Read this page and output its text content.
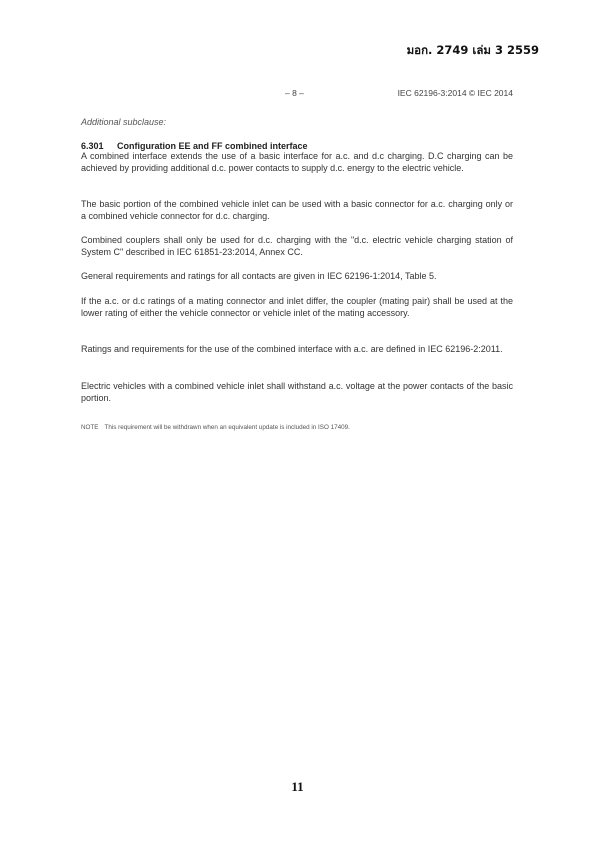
มอก. 2749 เล่ม 3 2559
– 8 –	IEC 62196-3:2014 © IEC 2014
Additional subclause:
6.301 Configuration EE and FF combined interface

A combined interface extends the use of a basic interface for a.c. and d.c charging. D.C charging can be achieved by providing additional d.c. power contacts to supply d.c. energy to the electric vehicle.

The basic portion of the combined vehicle inlet can be used with a basic connector for a.c. charging only or a combined vehicle connector for d.c. charging.

Combined couplers shall only be used for d.c. charging with the "d.c. electric vehicle charging station of System C" described in IEC 61851-23:2014, Annex CC.

General requirements and ratings for all contacts are given in IEC 62196-1:2014, Table 5.

If the a.c. or d.c ratings of a mating connector and inlet differ, the coupler (mating pair) shall be used at the lower rating of either the vehicle connector or vehicle inlet of the mating accessory.

Ratings and requirements for the use of the combined interface with a.c. are defined in IEC 62196-2:2011.

Electric vehicles with a combined vehicle inlet shall withstand a.c. voltage at the power contacts of the basic portion.

NOTE This requirement will be withdrawn when an equivalent update is included in ISO 17409.
11
